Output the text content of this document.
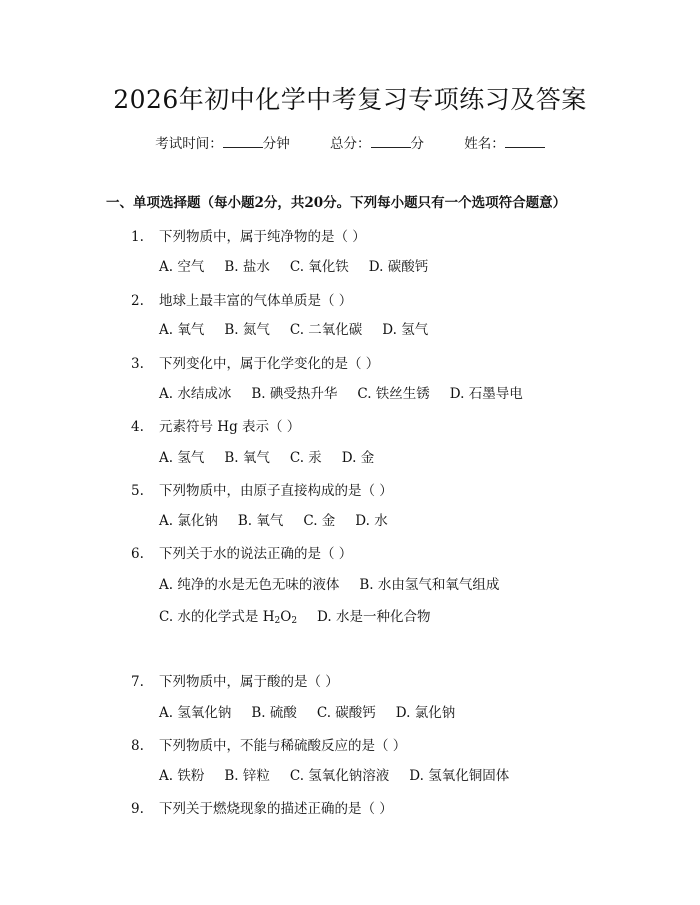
2026年初中化学中考复习专项练习及答案
考试时间：	分钟	总分：	分	姓名：
一、单项选择题（每小题2分，共20分。下列每小题只有一个选项符合题意）
1. 下列物质中，属于纯净物的是（ ）
A. 空气 B. 盐水 C. 氧化铁 D. 碳酸钙
2. 地球上最丰富的气体单质是（ ）
A. 氧气 B. 氮气 C. 二氧化碳 D. 氢气
3. 下列变化中，属于化学变化的是（ ）
A. 水结成冰 B. 碘受热升华 C. 铁丝生锈 D. 石墨导电
4. 元素符号 Hg 表示（ ）
A. 氢气 B. 氧气 C. 汞 D. 金
5. 下列物质中，由原子直接构成的是（ ）
A. 氯化钠 B. 氧气 C. 金 D. 水
6. 下列关于水的说法正确的是（ ）
A. 纯净的水是无色无味的液体 B. 水由氢气和氧气组成
C. 水的化学式是 $H_2O_2$ D. 水是一种化合物
7. 下列物质中，属于酸的是（ ）
A. 氢氧化钠 B. 硫酸 C. 碳酸钙 D. 氯化钠
8. 下列物质中，不能与稀硫酸反应的是（ ）
A. 铁粉 B. 锌粒 C. 氢氧化钠溶液 D. 氢氧化铜固体
9. 下列关于燃烧现象的描述正确的是（ ）
